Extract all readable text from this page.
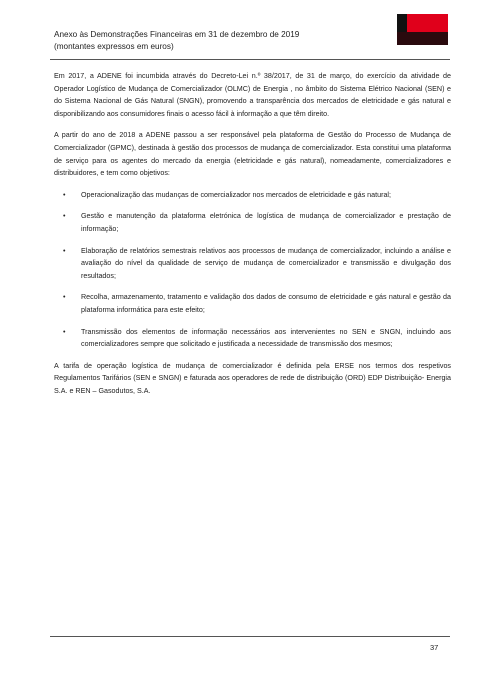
Anexo às Demonstrações Financeiras em 31 de dezembro de 2019
(montantes expressos em euros)

Em 2017, a ADENE foi incumbida através do Decreto-Lei n.º 38/2017, de 31 de março, do exercício da atividade de Operador Logístico de Mudança de Comercializador (OLMC) de Energia , no âmbito do Sistema Elétrico Nacional (SEN) e do Sistema Nacional de Gás Natural (SNGN), promovendo a transparência dos mercados de eletricidade e gás natural e disponibilizando aos consumidores finais o acesso fácil à informação a que têm direito.

A partir do ano de 2018 a ADENE passou a ser responsável pela plataforma de Gestão do Processo de Mudança de Comercializador (GPMC), destinada à gestão dos processos de mudança de comercializador. Esta constitui uma plataforma de serviço para os agentes do mercado da energia (eletricidade e gás natural), nomeadamente, comercializadores e distribuidores, e tem como objetivos:

• Operacionalização das mudanças de comercializador nos mercados de eletricidade e gás natural;
• Gestão e manutenção da plataforma eletrónica de logística de mudança de comercializador e prestação de informação;
• Elaboração de relatórios semestrais relativos aos processos de mudança de comercializador, incluindo a análise e avaliação do nível da qualidade de serviço de mudança de comercializador e transmissão e divulgação dos resultados;
• Recolha, armazenamento, tratamento e validação dos dados de consumo de eletricidade e gás natural e gestão da plataforma informática para este efeito;
• Transmissão dos elementos de informação necessários aos intervenientes no SEN e SNGN, incluindo aos comercializadores sempre que solicitado e justificada a necessidade de transmissão dos mesmos;

A tarifa de operação logística de mudança de comercializador é definida pela ERSE nos termos dos respetivos Regulamentos Tarifários (SEN e SNGN) e faturada aos operadores de rede de distribuição (ORD) EDP Distribuição- Energia S.A. e REN – Gasodutos, S.A.

37
